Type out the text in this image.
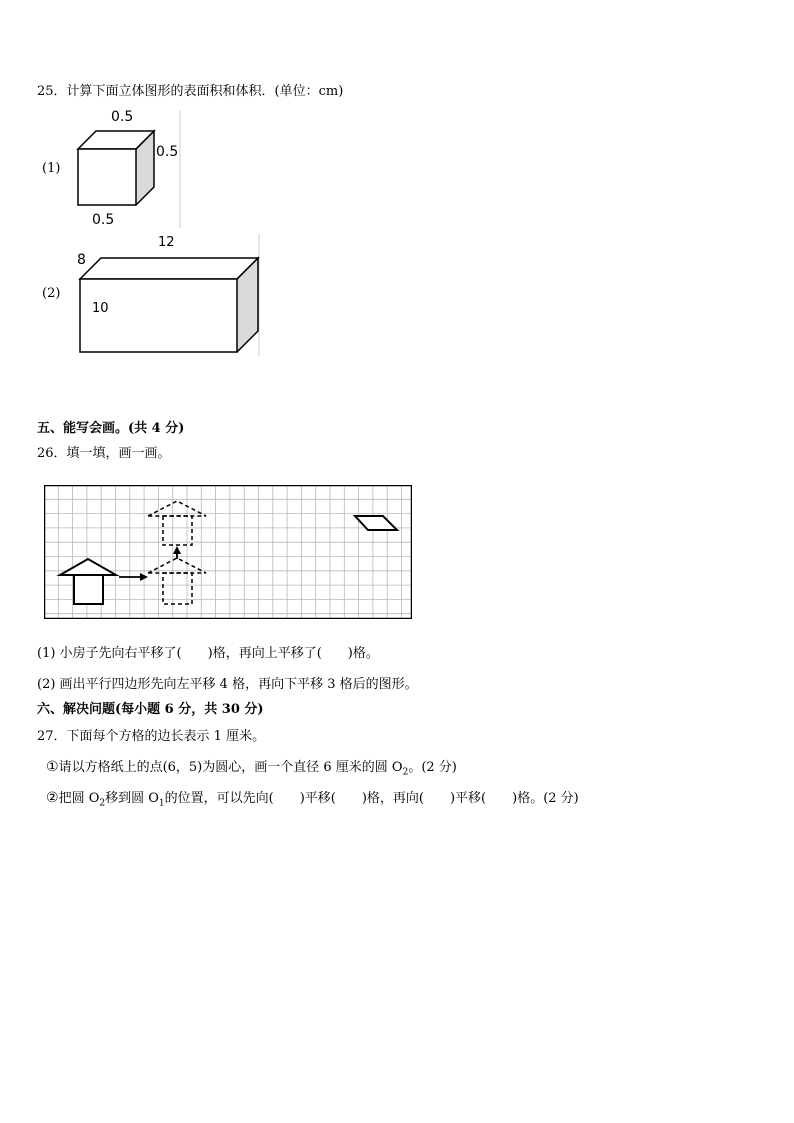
25．计算下面立体图形的表面积和体积．(单位：cm)
(1)
0.5
0.5
0.5
(2)
8
12
10
五、能写会画。(共 4 分)
26．填一填，画一画。
(1) 小房子先向右平移了(　　)格，再向上平移了(　　)格。
(2) 画出平行四边形先向左平移 4 格，再向下平移 3 格后的图形。
六、解决问题(每小题 6 分，共 30 分)
27．下面每个方格的边长表示 1 厘米。
①请以方格纸上的点(6，5)为圆心，画一个直径 6 厘米的圆 $O_2$。(2 分)
②把圆 $O_2$移到圆 $O_1$的位置，可以先向(　　)平移(　　)格，再向(　　)平移(　　)格。(2 分)
